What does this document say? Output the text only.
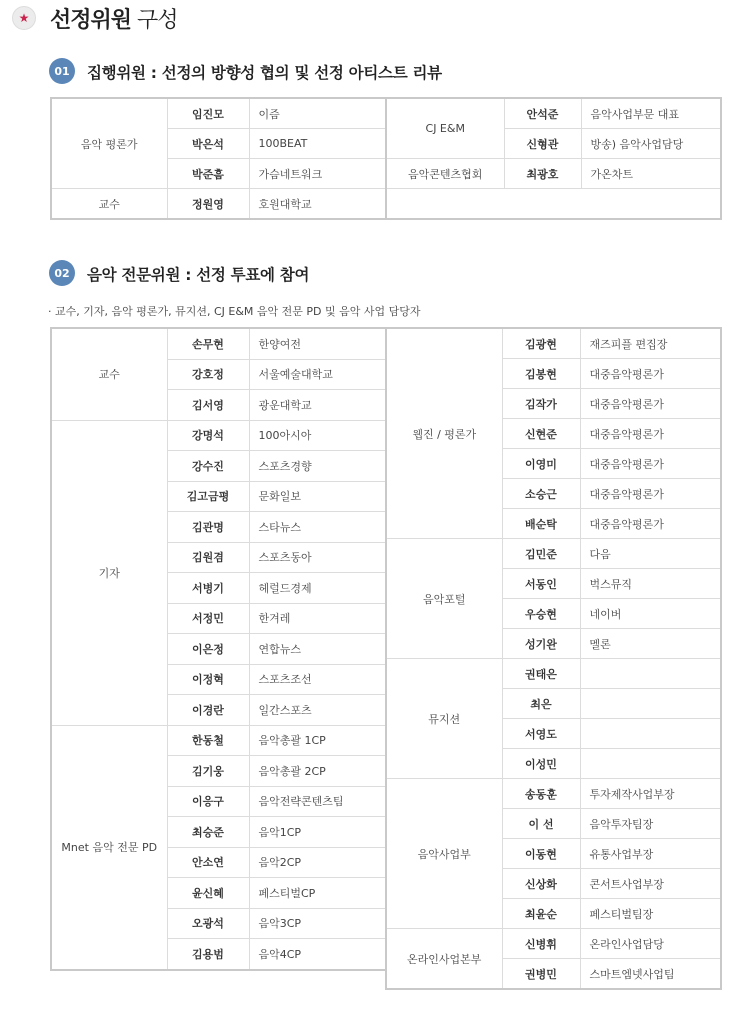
★ 선정위원 구성
01	집행위원 : 선정의 방향성 협의 및 선정 아티스트 리뷰
음악 평론가	임진모	이즘	CJ E&M	안석준	음악사업부문 대표
	박은석	100BEAT		신형관	방송) 음악사업담당
	박준흠	가슴네트워크	음악콘텐츠협회	최광호	가온차트
교수	정원영	호원대학교			
02	음악 전문위원 : 선정 투표에 참여
· 교수, 기자, 음악 평론가, 뮤지션, CJ E&M 음악 전문 PD 및 음악 사업 담당자
교수	손무현	한양여전
	강호정	서울예술대학교
	김서영	광운대학교
기자	강명석	100아시아
	강수진	스포츠경향
	김고금평	문화일보
	김관명	스타뉴스
	김원겸	스포츠동아
	서병기	헤럴드경제
	서정민	한겨레
	이은정	연합뉴스
	이정혁	스포츠조선
	이경란	일간스포츠
Mnet 음악 전문 PD	한동철	음악총괄 1CP
	김기웅	음악총괄 2CP
	이응구	음악전략콘텐츠팀
	최승준	음악1CP
	안소연	음악2CP
	윤신혜	페스티벌CP
	오광석	음악3CP
	김용범	음악4CP
웹진 / 평론가	김광현	재즈피플 편집장
	김봉현	대중음악평론가
	김작가	대중음악평론가
	신현준	대중음악평론가
	이영미	대중음악평론가
	소승근	대중음악평론가
	배순탁	대중음악평론가
음악포털	김민준	다음
	서동인	벅스뮤직
	우승현	네이버
	성기완	멜론
뮤지션	권태은	
	최은	
	서영도	
	이성민	
음악사업부	송동훈	투자제작사업부장
	이 선	음악투자팀장
	이동현	유통사업부장
	신상화	콘서트사업부장
	최윤순	페스티벌팀장
온라인사업본부	신병휘	온라인사업담당
	권병민	스마트엠넷사업팀
